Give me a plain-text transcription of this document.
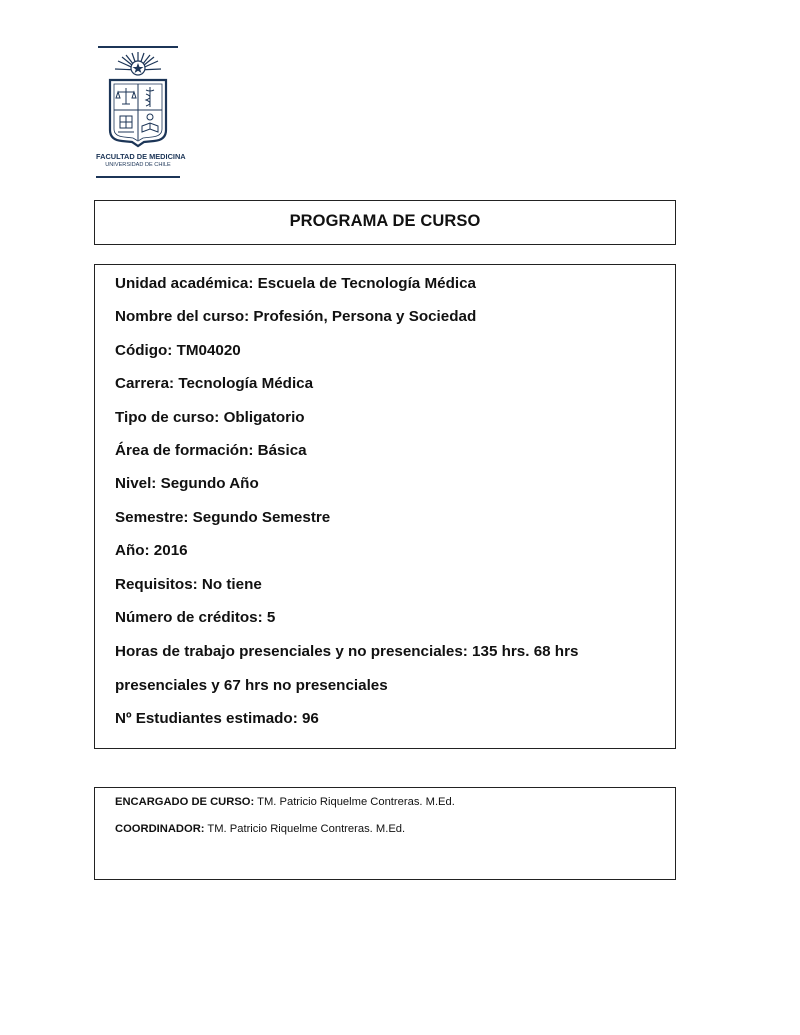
FACULTAD DE MEDICINA
UNIVERSIDAD DE CHILE
PROGRAMA DE CURSO
Unidad académica: Escuela de Tecnología Médica
Nombre del curso: Profesión, Persona y Sociedad
Código: TM04020
Carrera: Tecnología Médica
Tipo de curso: Obligatorio
Área de formación: Básica
Nivel: Segundo Año
Semestre: Segundo Semestre
Año: 2016
Requisitos: No tiene
Número de créditos: 5
Horas de trabajo presenciales y no presenciales: 135 hrs. 68 hrs
presenciales y 67 hrs no presenciales
Nº Estudiantes estimado: 96
ENCARGADO DE CURSO: TM. Patricio Riquelme Contreras. M.Ed.
COORDINADOR: TM. Patricio Riquelme Contreras. M.Ed.
